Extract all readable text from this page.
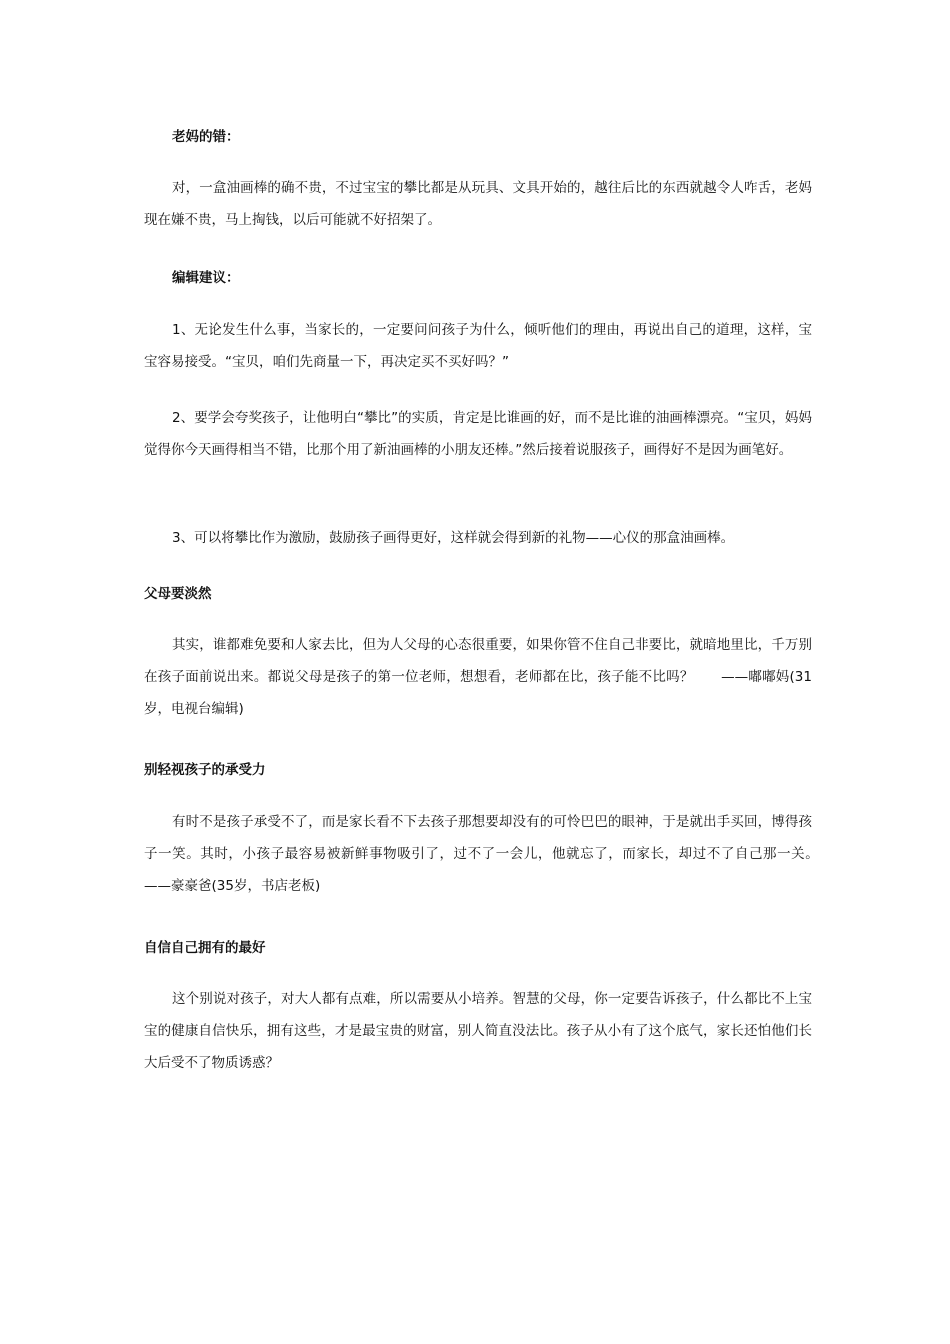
老妈的错：
对，一盒油画棒的确不贵，不过宝宝的攀比都是从玩具、文具开始的，越往后比的东西就越令人咋舌，老妈现在嫌不贵，马上掏钱，以后可能就不好招架了。
编辑建议：
1、无论发生什么事，当家长的，一定要问问孩子为什么，倾听他们的理由，再说出自己的道理，这样，宝宝容易接受。“宝贝，咱们先商量一下，再决定买不买好吗？”
2、要学会夸奖孩子，让他明白“攀比”的实质，肯定是比谁画的好，而不是比谁的油画棒漂亮。“宝贝，妈妈觉得你今天画得相当不错，比那个用了新油画棒的小朋友还棒。”然后接着说服孩子，画得好不是因为画笔好。
3、可以将攀比作为激励，鼓励孩子画得更好，这样就会得到新的礼物——心仪的那盒油画棒。
父母要淡然
其实，谁都难免要和人家去比，但为人父母的心态很重要，如果你管不住自己非要比，就暗地里比，千万别在孩子面前说出来。都说父母是孩子的第一位老师，想想看，老师都在比，孩子能不比吗？　　——嘟嘟妈(31岁，电视台编辑)
别轻视孩子的承受力
有时不是孩子承受不了，而是家长看不下去孩子那想要却没有的可怜巴巴的眼神，于是就出手买回，博得孩子一笑。其时，小孩子最容易被新鲜事物吸引了，过不了一会儿，他就忘了，而家长，却过不了自己那一关。　　——豪豪爸(35岁，书店老板)
自信自己拥有的最好
这个别说对孩子，对大人都有点难，所以需要从小培养。智慧的父母，你一定要告诉孩子，什么都比不上宝宝的健康自信快乐，拥有这些，才是最宝贵的财富，别人简直没法比。孩子从小有了这个底气，家长还怕他们长大后受不了物质诱惑？
